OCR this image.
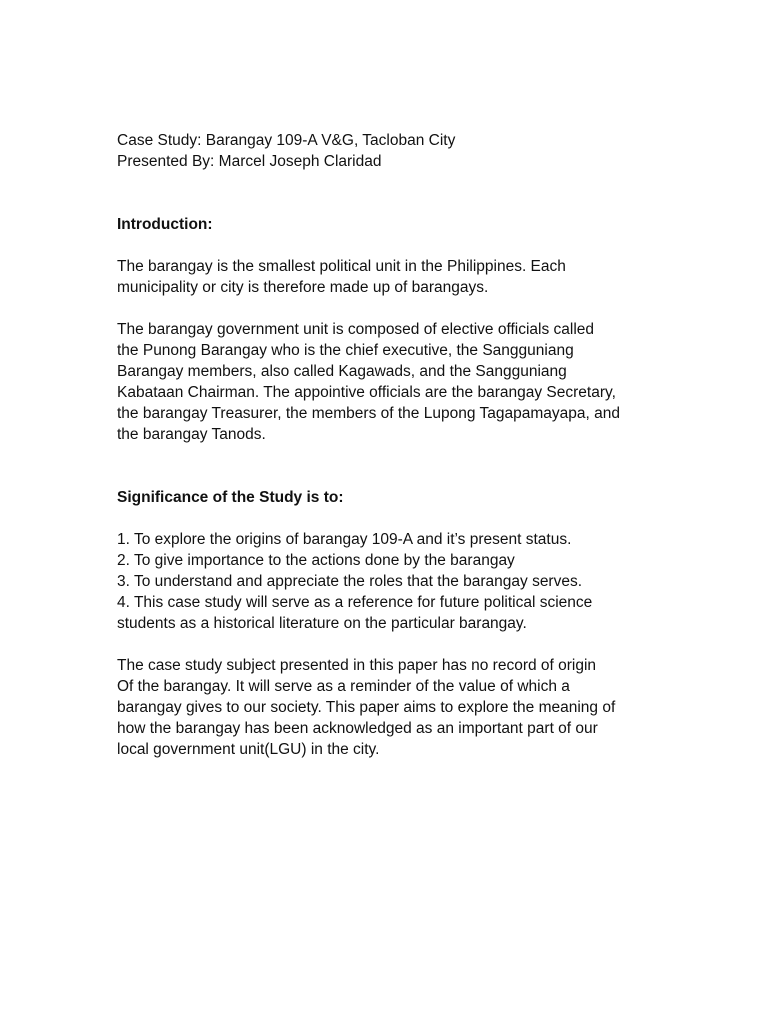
Case Study: Barangay 109-A V&G, Tacloban City
Presented By: Marcel Joseph Claridad
Introduction:
The barangay is the smallest political unit in the Philippines. Each
municipality or city is therefore made up of barangays.
The barangay government unit is composed of elective officials called
the Punong Barangay who is the chief executive, the Sangguniang
Barangay members, also called Kagawads, and the Sangguniang
Kabataan Chairman. The appointive officials are the barangay Secretary,
the barangay Treasurer, the members of the Lupong Tagapamayapa, and
the barangay Tanods.
Significance of the Study is to:
1. To explore the origins of barangay 109-A and it’s present status.
2. To give importance to the actions done by the barangay
3. To understand and appreciate the roles that the barangay serves.
4. This case study will serve as a reference for future political science
students as a historical literature on the particular barangay.
The case study subject presented in this paper has no record of origin
Of the barangay. It will serve as a reminder of the value of which a
barangay gives to our society. This paper aims to explore the meaning of
how the barangay has been acknowledged as an important part of our
local government unit(LGU) in the city.
